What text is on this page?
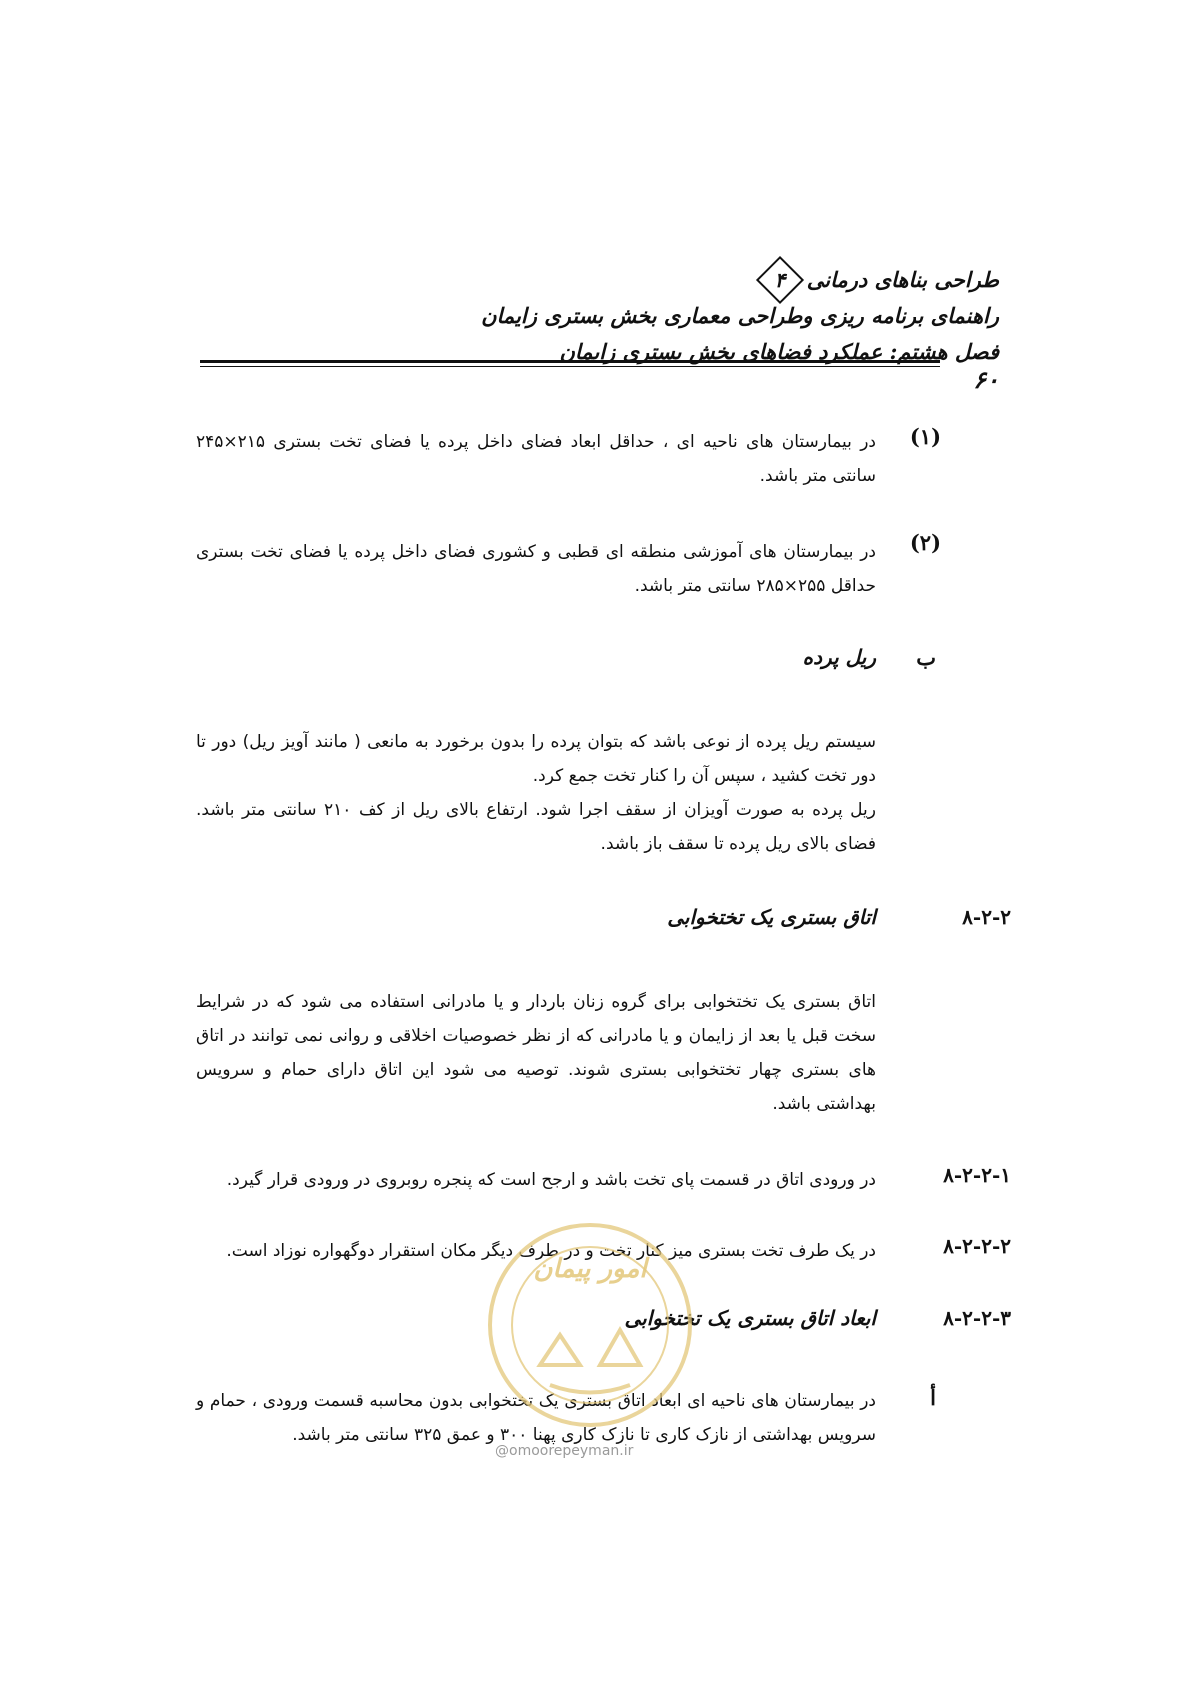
طراحی بناهای درمانی
۴
راهنمای برنامه ریزی وطراحی معماری بخش بستری زایمان
فصل هشتم: عملکرد فضاهای بخش بستری زایمان
۶۰
(۱)
در بیمارستان های ناحیه ای ، حداقل ابعاد فضای داخل پرده یا فضای تخت بستری ۲۱۵×۲۴۵ سانتی متر باشد.
(۲)
در بیمارستان های آموزشی منطقه ای قطبی و کشوری فضای داخل پرده یا فضای تخت بستری حداقل ۲۵۵×۲۸۵ سانتی متر باشد.
ب
ریل پرده
سیستم ریل پرده از نوعی باشد که بتوان پرده را بدون برخورد به مانعی ( مانند آویز ریل) دور تا دور تخت کشید ، سپس آن را کنار تخت جمع کرد.
ریل پرده به صورت آویزان از سقف اجرا شود. ارتفاع بالای ریل از کف ۲۱۰ سانتی متر باشد. فضای بالای ریل پرده تا سقف باز باشد.
۸-۲-۲
اتاق بستری یک تختخوابی
اتاق بستری یک تختخوابی برای گروه زنان باردار و یا مادرانی استفاده می شود که در شرایط سخت قبل یا بعد از زایمان و یا مادرانی که از نظر خصوصیات اخلاقی و روانی نمی توانند در اتاق های بستری چهار تختخوابی بستری شوند. توصیه می شود این اتاق دارای حمام و سرویس بهداشتی باشد.
۸-۲-۲-۱
در ورودی اتاق در قسمت پای تخت باشد و ارجح است که پنجره روبروی در ورودی قرار گیرد.
۸-۲-۲-۲
در یک طرف تخت بستری میز کنار تخت و در طرف دیگر مکان استقرار دوگهواره نوزاد است.
۸-۲-۲-۳
ابعاد اتاق بستری یک تختخوابی
أ
در بیمارستان های ناحیه ای ابعاد اتاق بستری یک تختخوابی بدون محاسبه قسمت ورودی ، حمام و سرویس بهداشتی از نازک کاری تا نازک کاری پهنا ۳۰۰ و عمق ۳۲۵ سانتی متر باشد.
امور پیمان
@omoorepeyman.ir
